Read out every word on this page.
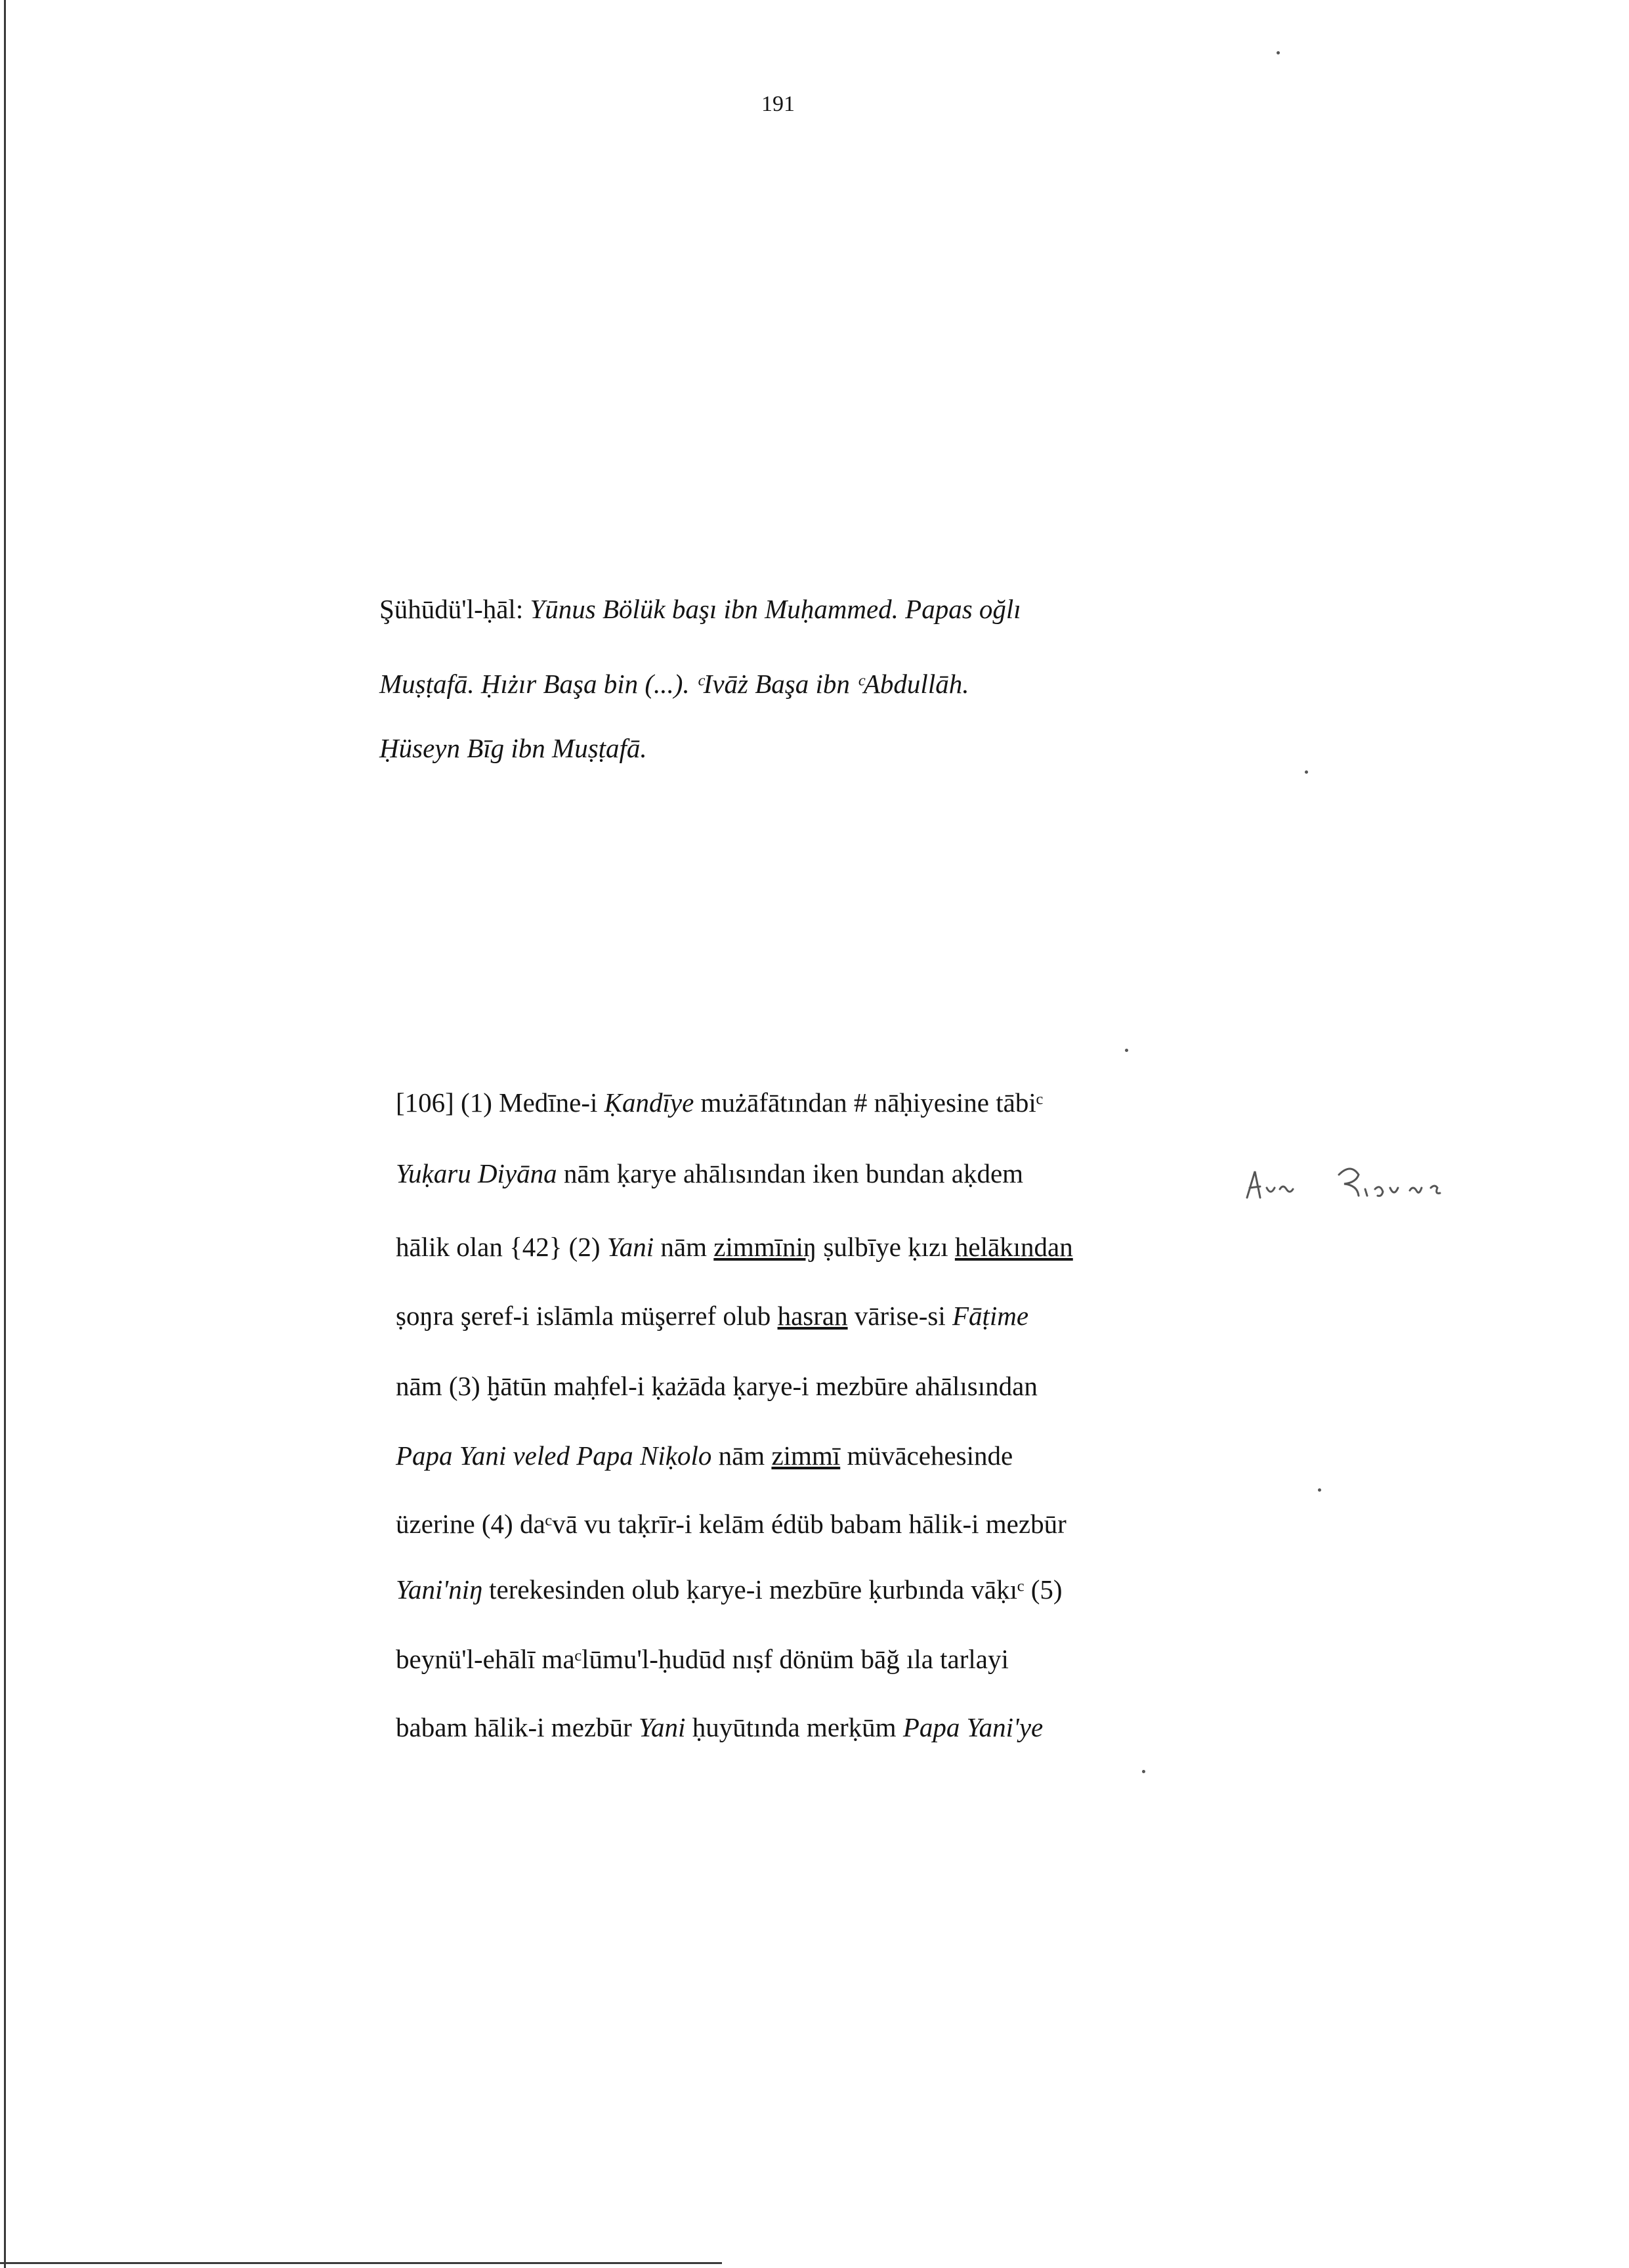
191
Şühūdü'l-ḥāl: Yūnus Bölük başı ibn Muḥammed. Papas oğlı
Muṣṭafā. Ḥıżır Başa bin (...). ᶜIvāż Başa ibn ᶜAbdullāh.
Ḥüseyn Bīg ibn Muṣṭafā.
[106] (1) Medīne-i Ḳandīye mużāfātından # nāḥiyesine tābiᶜ
Yuḳaru Diyāna nām ḳarye ahālısından iken bundan aḳdem
hālik olan {42} (2) Yani nām zimmīniŋ ṣulbīye ḳızı helākından
ṣoŋra şeref-i islāmla müşerref olub hasran vārise-si Fāṭime
nām (3) ḫātūn maḥfel-i ḳażāda ḳarye-i mezbūre ahālısından
Papa Yani veled Papa Niḳolo nām zimmī müvācehesinde
üzerine (4) daᶜvā vu taḳrīr-i kelām édüb babam hālik-i mezbūr
Yani'niŋ terekesinden olub ḳarye-i mezbūre ḳurbında vāḳıᶜ (5)
beynü'l-ehālī maᶜlūmu'l-ḥudūd nıṣf dönüm bāğ ıla tarlayi
babam hālik-i mezbūr Yani ḥuyūtında merḳūm Papa Yani'ye
